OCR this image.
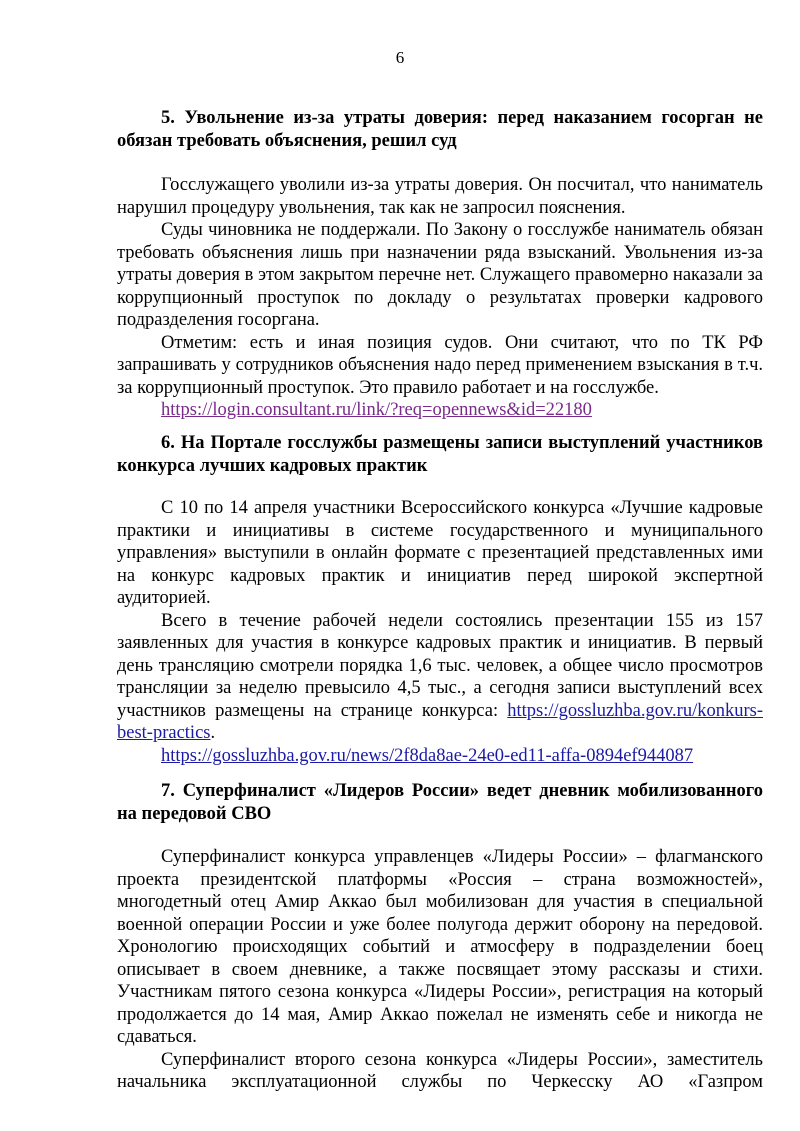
6
5. Увольнение из-за утраты доверия: перед наказанием госорган не обязан требовать объяснения, решил суд

Госслужащего уволили из-за утраты доверия. Он посчитал, что наниматель нарушил процедуру увольнения, так как не запросил пояснения.

Суды чиновника не поддержали. По Закону о госслужбе наниматель обязан требовать объяснения лишь при назначении ряда взысканий. Увольнения из-за утраты доверия в этом закрытом перечне нет. Служащего правомерно наказали за коррупционный проступок по докладу о результатах проверки кадрового подразделения госоргана.

Отметим: есть и иная позиция судов. Они считают, что по ТК РФ запрашивать у сотрудников объяснения надо перед применением взыскания в т.ч. за коррупционный проступок. Это правило работает и на госслужбе.

https://login.consultant.ru/link/?req=opennews&id=22180
6. На Портале госслужбы размещены записи выступлений участников конкурса лучших кадровых практик

С 10 по 14 апреля участники Всероссийского конкурса «Лучшие кадровые практики и инициативы в системе государственного и муниципального управления» выступили в онлайн формате с презентацией представленных ими на конкурс кадровых практик и инициатив перед широкой экспертной аудиторией.

Всего в течение рабочей недели состоялись презентации 155 из 157 заявленных для участия в конкурсе кадровых практик и инициатив. В первый день трансляцию смотрели порядка 1,6 тыс. человек, а общее число просмотров трансляции за неделю превысило 4,5 тыс., а сегодня записи выступлений всех участников размещены на странице конкурса: https://gossluzhba.gov.ru/konkurs-best-practics.

https://gossluzhba.gov.ru/news/2f8da8ae-24e0-ed11-affa-0894ef944087
7. Суперфиналист «Лидеров России» ведет дневник мобилизованного на передовой СВО

Суперфиналист конкурса управленцев «Лидеры России» – флагманского проекта президентской платформы «Россия – страна возможностей», многодетный отец Амир Аккао был мобилизован для участия в специальной военной операции России и уже более полугода держит оборону на передовой. Хронологию происходящих событий и атмосферу в подразделении боец описывает в своем дневнике, а также посвящает этому рассказы и стихи. Участникам пятого сезона конкурса «Лидеры России», регистрация на который продолжается до 14 мая, Амир Аккао пожелал не изменять себе и никогда не сдаваться.

Суперфиналист второго сезона конкурса «Лидеры России», заместитель начальника эксплуатационной службы по Черкесску АО «Газпром
